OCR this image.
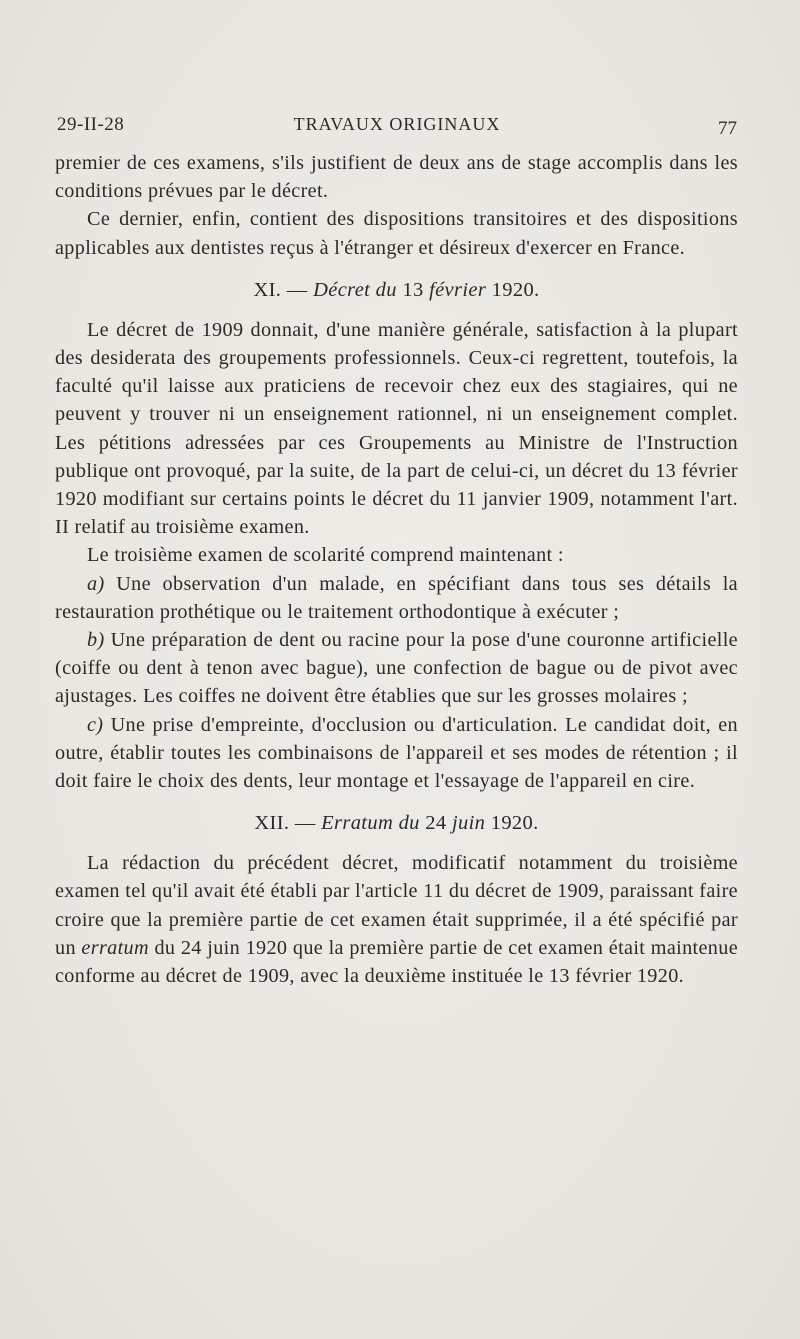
29-II-28	TRAVAUX ORIGINAUX	77

premier de ces examens, s'ils justifient de deux ans de stage accomplis dans les conditions prévues par le décret.

Ce dernier, enfin, contient des dispositions transitoires et des dispositions applicables aux dentistes reçus à l'étranger et désireux d'exercer en France.

XI. — Décret du 13 février 1920.

Le décret de 1909 donnait, d'une manière générale, satisfaction à la plupart des desiderata des groupements professionnels. Ceux-ci regrettent, toutefois, la faculté qu'il laisse aux praticiens de recevoir chez eux des stagiaires, qui ne peuvent y trouver ni un enseignement rationnel, ni un enseignement complet. Les pétitions adressées par ces Groupements au Ministre de l'Instruction publique ont provoqué, par la suite, de la part de celui-ci, un décret du 13 février 1920 modifiant sur certains points le décret du 11 janvier 1909, notamment l'art. II relatif au troisième examen.

Le troisième examen de scolarité comprend maintenant :

a) Une observation d'un malade, en spécifiant dans tous ses détails la restauration prothétique ou le traitement orthodontique à exécuter ;

b) Une préparation de dent ou racine pour la pose d'une couronne artificielle (coiffe ou dent à tenon avec bague), une confection de bague ou de pivot avec ajustages. Les coiffes ne doivent être établies que sur les grosses molaires ;

c) Une prise d'empreinte, d'occlusion ou d'articulation. Le candidat doit, en outre, établir toutes les combinaisons de l'appareil et ses modes de rétention ; il doit faire le choix des dents, leur montage et l'essayage de l'appareil en cire.

XII. — Erratum du 24 juin 1920.

La rédaction du précédent décret, modificatif notamment du troisième examen tel qu'il avait été établi par l'article 11 du décret de 1909, paraissant faire croire que la première partie de cet examen était supprimée, il a été spécifié par un erratum du 24 juin 1920 que la première partie de cet examen était maintenue conforme au décret de 1909, avec la deuxième instituée le 13 février 1920.
